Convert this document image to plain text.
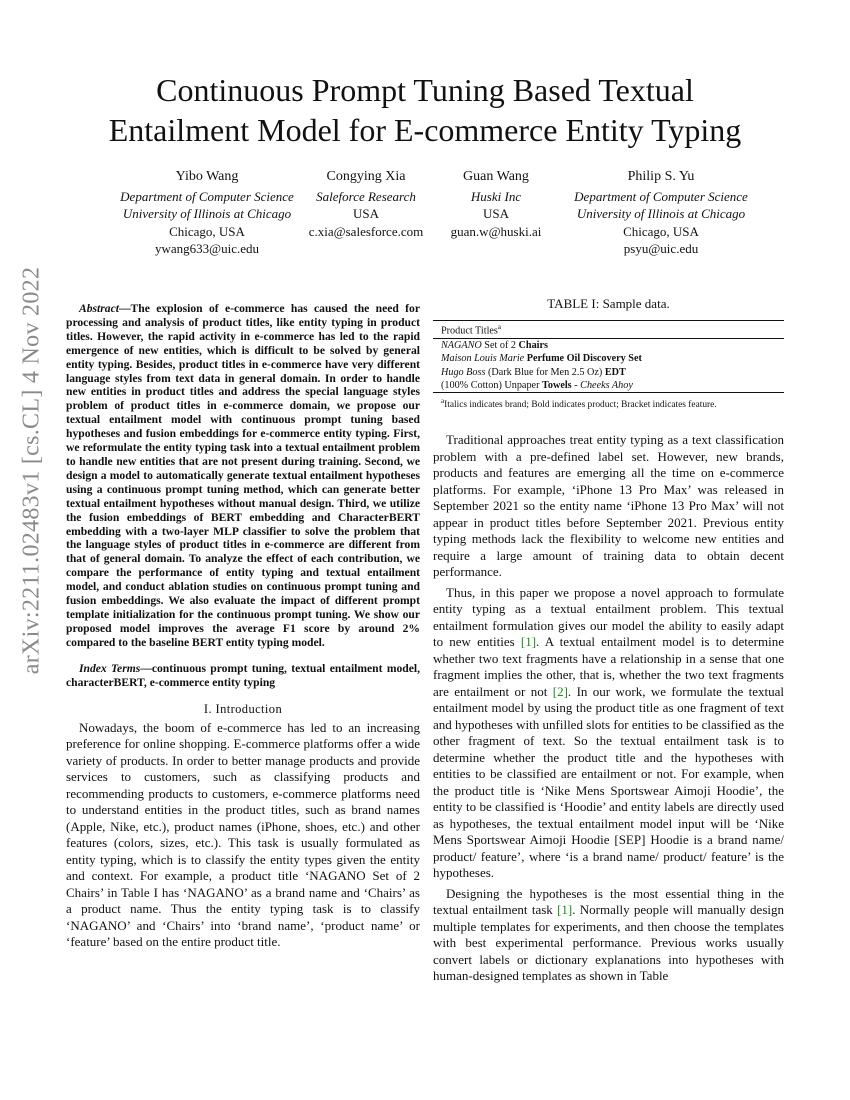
arXiv:2211.02483v1 [cs.CL] 4 Nov 2022
Continuous Prompt Tuning Based Textual
Entailment Model for E-commerce Entity Typing
Yibo Wang
Department of Computer Science
University of Illinois at Chicago
Chicago, USA
ywang633@uic.edu
Congying Xia
Saleforce Research
USA
c.xia@salesforce.com
Guan Wang
Huski Inc
USA
guan.w@huski.ai
Philip S. Yu
Department of Computer Science
University of Illinois at Chicago
Chicago, USA
psyu@uic.edu

Abstract—The explosion of e-commerce has caused the need for processing and analysis of product titles, like entity typing in product titles. However, the rapid activity in e-commerce has led to the rapid emergence of new entities, which is difficult to be solved by general entity typing. Besides, product titles in e-commerce have very different language styles from text data in general domain. In order to handle new entities in product titles and address the special language styles problem of product titles in e-commerce domain, we propose our textual entailment model with continuous prompt tuning based hypotheses and fusion embeddings for e-commerce entity typing. First, we reformulate the entity typing task into a textual entailment problem to handle new entities that are not present during training. Second, we design a model to automatically generate textual entailment hypotheses using a continuous prompt tuning method, which can generate better textual entailment hypotheses without manual design. Third, we utilize the fusion embeddings of BERT embedding and CharacterBERT embedding with a two-layer MLP classifier to solve the problem that the language styles of product titles in e-commerce are different from that of general domain. To analyze the effect of each contribution, we compare the performance of entity typing and textual entailment model, and conduct ablation studies on continuous prompt tuning and fusion embeddings. We also evaluate the impact of different prompt template initialization for the continuous prompt tuning. We show our proposed model improves the average F1 score by around 2% compared to the baseline BERT entity typing model.

Index Terms—continuous prompt tuning, textual entailment model, characterBERT, e-commerce entity typing

I. Introduction

Nowadays, the boom of e-commerce has led to an increasing preference for online shopping. E-commerce platforms offer a wide variety of products. In order to better manage products and provide services to customers, such as classifying products and recommending products to customers, e-commerce platforms need to understand entities in the product titles, such as brand names (Apple, Nike, etc.), product names (iPhone, shoes, etc.) and other features (colors, sizes, etc.). This task is usually formulated as entity typing, which is to classify the entity types given the entity and context. For example, a product title ‘NAGANO Set of 2 Chairs’ in Table I has ‘NAGANO’ as a brand name and ‘Chairs’ as a product name. Thus the entity typing task is to classify ‘NAGANO’ and ‘Chairs’ into ‘brand name’, ‘product name’ or ‘feature’ based on the entire product title.

TABLE I: Sample data.
Product Titles$^a$
NAGANO Set of 2 Chairs
Maison Louis Marie Perfume Oil Discovery Set
Hugo Boss (Dark Blue for Men 2.5 Oz) EDT
(100% Cotton) Unpaper Towels - Cheeks Ahoy
$^a$Italics indicates brand; Bold indicates product; Bracket indicates feature.

Traditional approaches treat entity typing as a text classification problem with a pre-defined label set. However, new brands, products and features are emerging all the time on e-commerce platforms. For example, ‘iPhone 13 Pro Max’ was released in September 2021 so the entity name ‘iPhone 13 Pro Max’ will not appear in product titles before September 2021. Previous entity typing methods lack the flexibility to welcome new entities and require a large amount of training data to obtain decent performance.

Thus, in this paper we propose a novel approach to formulate entity typing as a textual entailment problem. This textual entailment formulation gives our model the ability to easily adapt to new entities [1]. A textual entailment model is to determine whether two text fragments have a relationship in a sense that one fragment implies the other, that is, whether the two text fragments are entailment or not [2]. In our work, we formulate the textual entailment model by using the product title as one fragment of text and hypotheses with unfilled slots for entities to be classified as the other fragment of text. So the textual entailment task is to determine whether the product title and the hypotheses with entities to be classified are entailment or not. For example, when the product title is ‘Nike Mens Sportswear Aimoji Hoodie’, the entity to be classified is ‘Hoodie’ and entity labels are directly used as hypotheses, the textual entailment model input will be ‘Nike Mens Sportswear Aimoji Hoodie [SEP] Hoodie is a brand name/ product/ feature’, where ‘is a brand name/ product/ feature’ is the hypotheses.

Designing the hypotheses is the most essential thing in the textual entailment task [1]. Normally people will manually design multiple templates for experiments, and then choose the templates with best experimental performance. Previous works usually convert labels or dictionary explanations into hypotheses with human-designed templates as shown in Table
